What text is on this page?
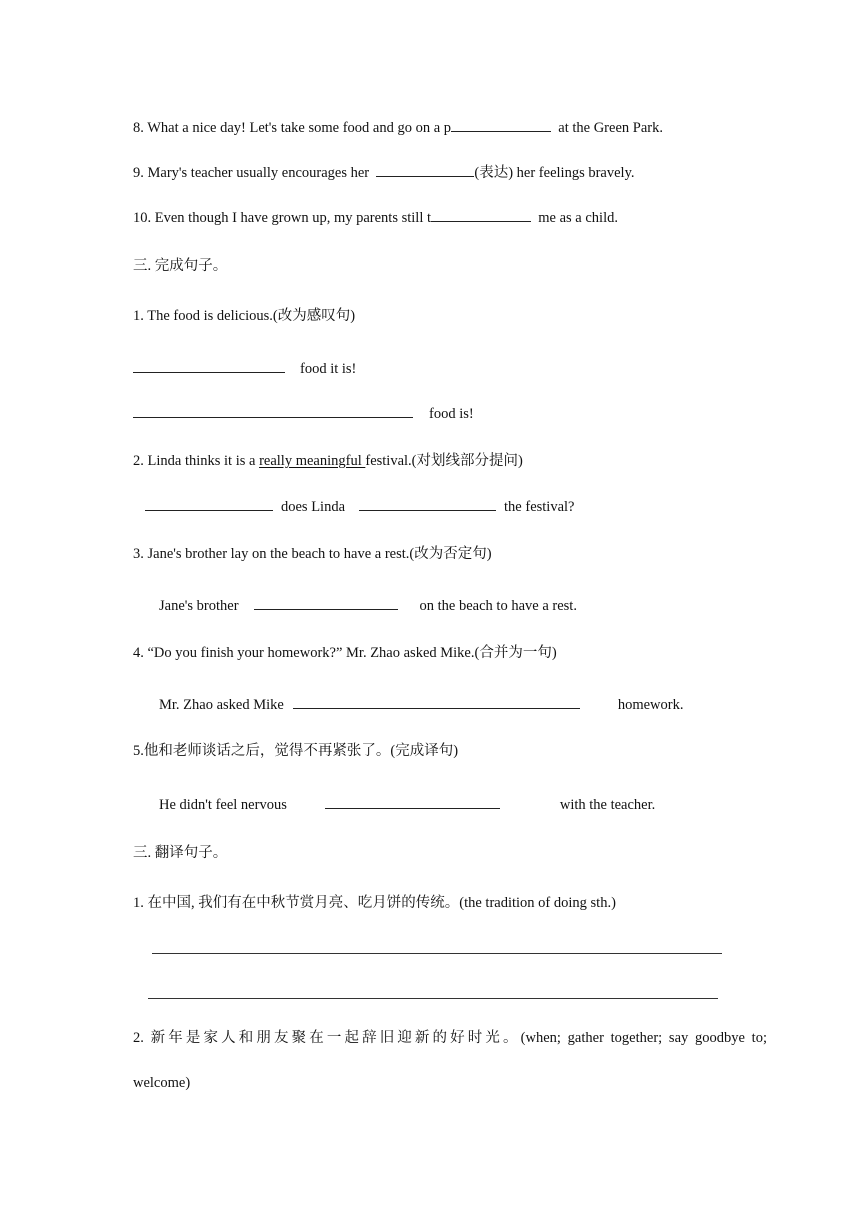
8. What a nice day! Let's take some food and go on a p	at the Green Park.
9. Mary's teacher usually encourages her	(表达) her feelings bravely.
10. Even though I have grown up, my parents still t	me as a child.
三. 完成句子。
1. The food is delicious.(改为感叹句)
food it is!
food is!
2. Linda thinks it is a really meaningful festival.(对划线部分提问)
does Linda	the festival?
3. Jane's brother lay on the beach to have a rest.(改为否定句)
Jane's brother	on the beach to have a rest.
4. “Do you finish your homework?” Mr. Zhao asked Mike.(合并为一句)
Mr. Zhao asked Mike	homework.
5.他和老师谈话之后，觉得不再紧张了。(完成译句)
He didn't feel nervous	with the teacher.
三. 翻译句子。
1. 在中国, 我们有在中秋节赏月亮、吃月饼的传统。(the tradition of doing sth.)
2. 新年是家人和朋友聚在一起辞旧迎新的好时光。(when; gather together; say goodbye to;
welcome)
